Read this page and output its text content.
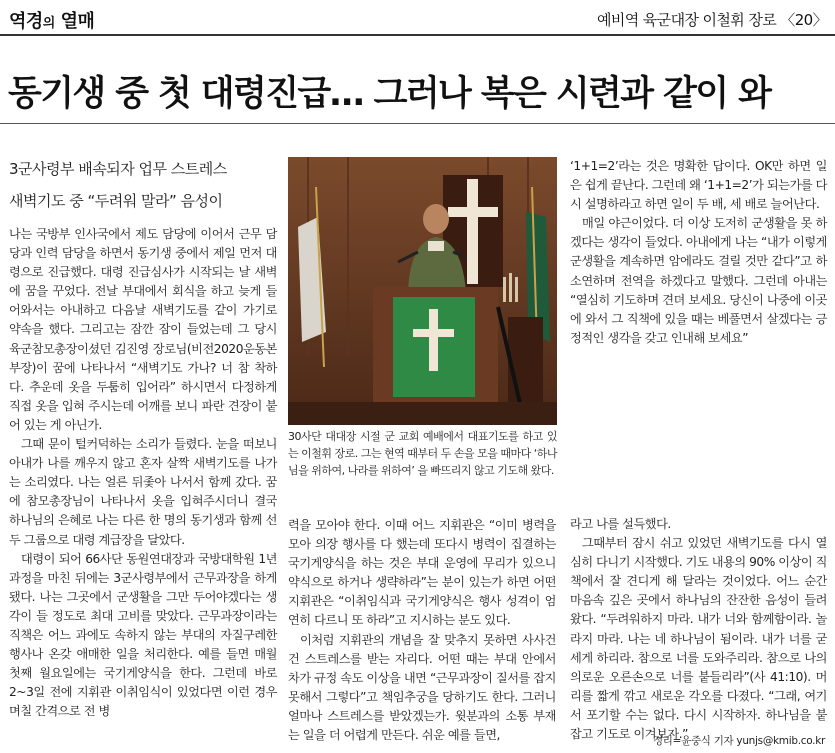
역경의 열매	예비역 육군대장 이철휘 장로 〈20〉
동기생 중 첫 대령진급… 그러나 복은 시련과 같이 와
3군사령부 배속되자 업무 스트레스
새벽기도 중 “두려워 말라” 음성이

나는 국방부 인사국에서 제도 담당에 이어서 근무 담당과 인력 담당을 하면서 동기생 중에서 제일 먼저 대령으로 진급했다. 대령 진급심사가 시작되는 날 새벽에 꿈을 꾸었다. 전날 부대에서 회식을 하고 늦게 들어와서는 아내하고 다음날 새벽기도를 같이 가기로 약속을 했다. 그리고는 잠깐 잠이 들었는데 그 당시 육군참모총장이셨던 김진영 장로님(비전2020운동본부장)이 꿈에 나타나서 “새벽기도 가나? 너 참 착하다. 추운데 옷을 두툼히 입어라” 하시면서 다정하게 직접 옷을 입혀 주시는데 어깨를 보니 파란 견장이 붙어 있는 게 아닌가.

그때 문이 털커덕하는 소리가 들렸다. 눈을 떠보니 아내가 나를 깨우지 않고 혼자 살짝 새벽기도를 나가는 소리였다. 나는 얼른 뒤좇아 나서서 함께 갔다. 꿈에 참모총장님이 나타나서 옷을 입혀주시더니 결국 하나님의 은혜로 나는 다른 한 명의 동기생과 함께 선두 그룹으로 대령 계급장을 달았다.

대령이 되어 66사단 동원연대장과 국방대학원 1년 과정을 마친 뒤에는 3군사령부에서 근무과장을 하게 됐다. 나는 그곳에서 군생활을 그만 두어야겠다는 생각이 들 정도로 최대 고비를 맞았다. 근무과장이라는 직책은 어느 과에도 속하지 않는 부대의 자질구레한 행사나 온갖 애매한 일을 처리한다. 예를 들면 매월 첫째 월요일에는 국기게양식을 한다. 그런데 바로 2~3일 전에 지휘관 이취임식이 있었다면 이런 경우 며칠 간격으로 전 병

30사단 대대장 시절 군 교회 예배에서 대표기도를 하고 있는 이철휘 장로. 그는 현역 때부터 두 손을 모을 때마다 ‘하나님을 위하여, 나라를 위하여’ 을 빠뜨리지 않고 기도해 왔다.

력을 모아야 한다. 이때 어느 지휘관은 “이미 병력을 모아 의장 행사를 다 했는데 또다시 병력이 집결하는 국기게양식을 하는 것은 부대 운영에 무리가 있으니 약식으로 하거나 생략하라”는 분이 있는가 하면 어떤 지휘관은 “이취임식과 국기게양식은 행사 성격이 엄연히 다르니 또 하라”고 지시하는 분도 있다.

이처럼 지휘관의 개념을 잘 맞추지 못하면 사사건건 스트레스를 받는 자리다. 어떤 때는 부대 안에서 차가 규정 속도 이상을 내면 “근무과장이 질서를 잡지 못해서 그렇다”고 책임추궁을 당하기도 한다. 그러니 얼마나 스트레스를 받았겠는가. 윗분과의 소통 부재는 일을 더 어렵게 만든다. 쉬운 예를 들면,

‘1+1=2’라는 것은 명확한 답이다. OK만 하면 일은 쉽게 끝난다. 그런데 왜 ‘1+1=2’가 되는가를 다시 설명하라고 하면 일이 두 배, 세 배로 늘어난다.

매일 야근이었다. 더 이상 도저히 군생활을 못 하겠다는 생각이 들었다. 아내에게 나는 “내가 이렇게 군생활을 계속하면 암에라도 걸릴 것만 같다”고 하소연하며 전역을 하겠다고 말했다. 그런데 아내는 “열심히 기도하며 견뎌 보세요. 당신이 나중에 이곳에 와서 그 직책에 있을 때는 베풀면서 살겠다는 긍정적인 생각을 갖고 인내해 보세요”

라고 나를 설득했다.

그때부터 잠시 쉬고 있었던 새벽기도를 다시 열심히 다니기 시작했다. 기도 내용의 90% 이상이 직책에서 잘 견디게 해 달라는 것이었다. 어느 순간 마음속 깊은 곳에서 하나님의 잔잔한 음성이 들려왔다. “두려워하지 마라. 내가 너와 함께함이라. 놀라지 마라. 나는 네 하나님이 됨이라. 내가 너를 굳세게 하리라. 참으로 너를 도와주리라. 참으로 나의 의로운 오른손으로 너를 붙들리라”(사 41:10). 머리를 짧게 깎고 새로운 각오를 다졌다. “그래, 여기서 포기할 수는 없다. 다시 시작하자. 하나님을 붙잡고 기도로 이겨보자.”

정리=윤중식 기자 yunjs@kmib.co.kr
